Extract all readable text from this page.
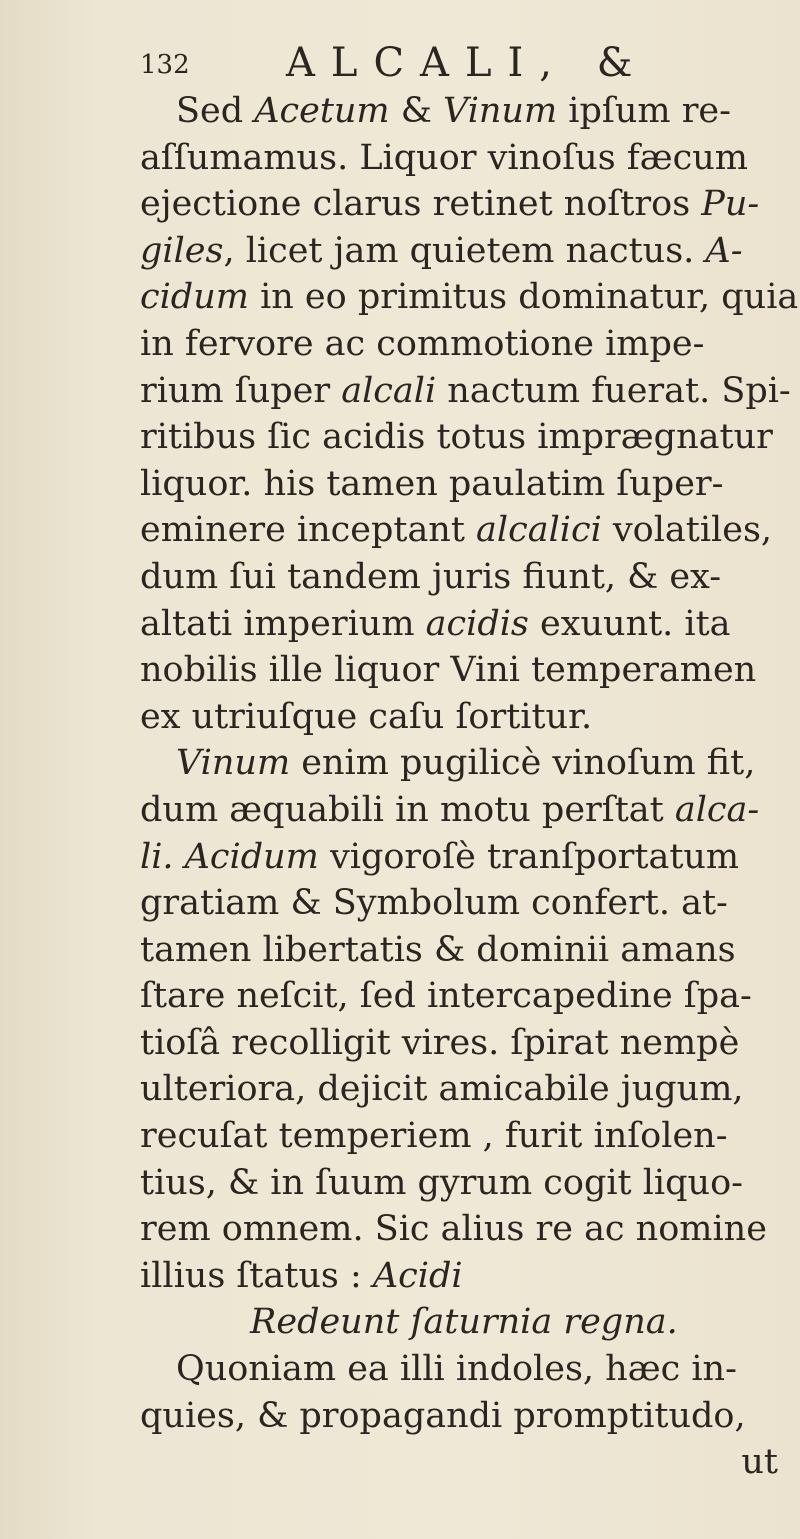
132 ALCALI, &
Sed Acetum & Vinum ipſum re-
aſſumamus. Liquor vinoſus fæcum
ejectione clarus retinet noſtros Pu-
giles, licet jam quietem nactus. A-
cidum in eo primitus dominatur, quia
in fervore ac commotione impe-
rium ſuper alcali nactum fuerat. Spi-
ritibus ſic acidis totus imprægnatur
liquor. his tamen paulatim ſuper-
eminere inceptant alcalici volatiles,
dum ſui tandem juris fiunt, & ex-
altati imperium acidis exuunt. ita
nobilis ille liquor Vini temperamen
ex utriuſque caſu ſortitur.
Vinum enim pugilicè vinoſum fit,
dum æquabili in motu perſtat alca-
li. Acidum vigoroſè tranſportatum
gratiam & Symbolum confert. at-
tamen libertatis & dominii amans
ſtare neſcit, ſed intercapedine ſpa-
tioſâ recolligit vires. ſpirat nempè
ulteriora, dejicit amicabile jugum,
recuſat temperiem , furit inſolen-
tius, & in ſuum gyrum cogit liquo-
rem omnem. Sic alius re ac nomine
illius ſtatus : Acidi
Redeunt ſaturnia regna.
Quoniam ea illi indoles, hæc in-
quies, & propagandi promptitudo,
ut
